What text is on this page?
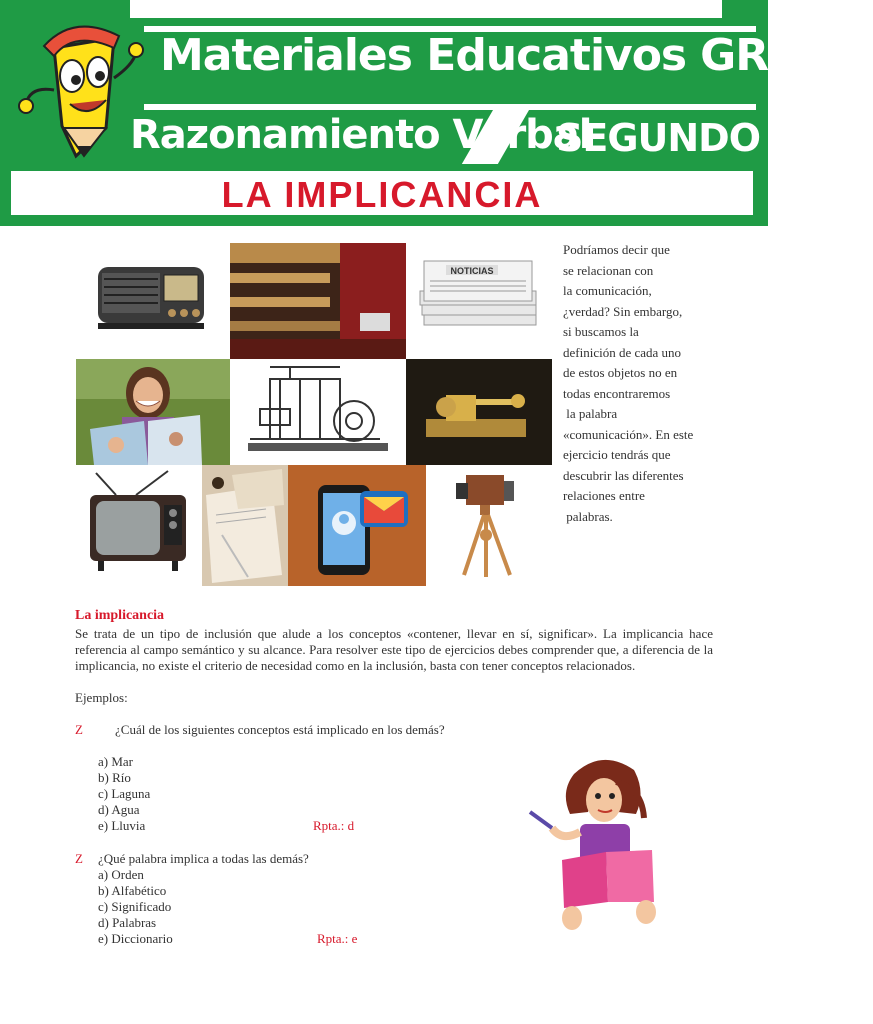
Materiales Educativos GRATIS
Razonamiento Verbal
SEGUNDO
LA IMPLICANCIA
NOTICIAS
Podríamos decir que
se relacionan con
la comunicación,
¿verdad? Sin embargo,
si buscamos la
definición de cada uno
de estos objetos no en
todas encontraremos
la palabra
«comunicación». En este
ejercicio tendrás que
descubrir las diferentes
relaciones entre
palabras.
La implicancia
Se trata de un tipo de inclusión que alude a los conceptos «contener, llevar en sí, significar». La implicancia hace referencia al campo semántico y su alcance. Para resolver este tipo de ejercicios debes comprender que, a diferencia de la implicancia, no existe el criterio de necesidad como en la inclusión, basta con tener conceptos relacionados.
Ejemplos:
Z	¿Cuál de los siguientes conceptos está implicado en los demás?
a) Mar
b) Río
c) Laguna
d) Agua
e) Lluvia	Rpta.: d
Z ¿Qué palabra implica a todas las demás?
a) Orden
b) Alfabético
c) Significado
d) Palabras
e) Diccionario	Rpta.: e
